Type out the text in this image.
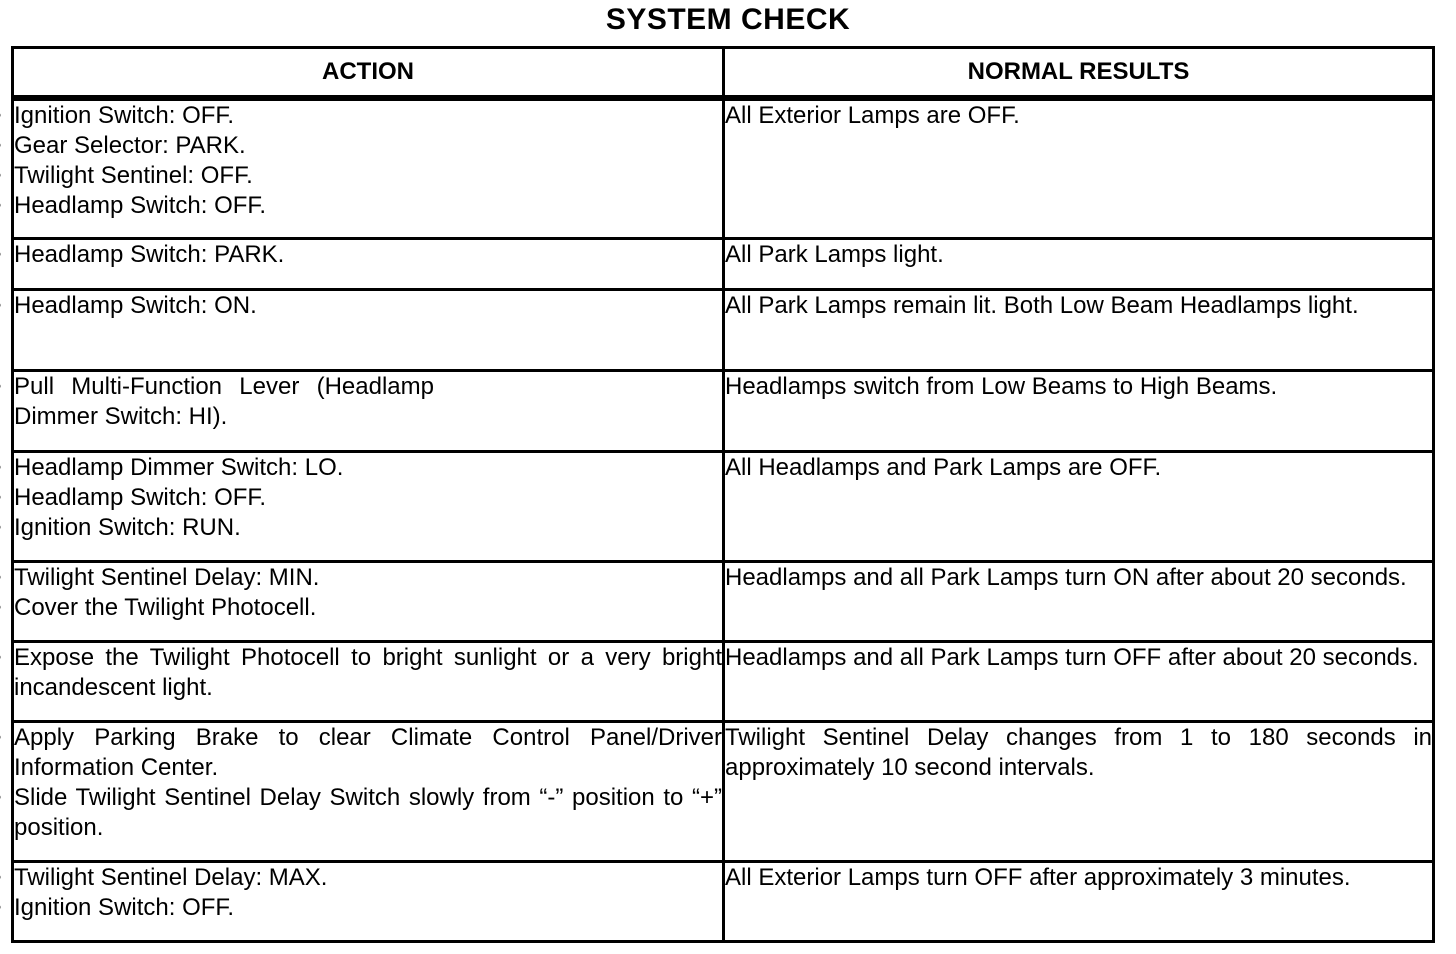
SYSTEM CHECK
ACTION	NORMAL RESULTS

• Ignition Switch: OFF.
• Gear Selector: PARK.
• Twilight Sentinel: OFF.
• Headlamp Switch: OFF.	All Exterior Lamps are OFF.

• Headlamp Switch: PARK.	All Park Lamps light.

• Headlamp Switch: ON.	All Park Lamps remain lit. Both Low Beam Headlamps light.

• Pull Multi-Function Lever (Headlamp Dimmer Switch: HI).	Headlamps switch from Low Beams to High Beams.

• Headlamp Dimmer Switch: LO.
• Headlamp Switch: OFF.
• Ignition Switch: RUN.	All Headlamps and Park Lamps are OFF.

• Twilight Sentinel Delay: MIN.
• Cover the Twilight Photocell.	Headlamps and all Park Lamps turn ON after about 20 seconds.

• Expose the Twilight Photocell to bright sunlight or a very bright incandescent light.	Headlamps and all Park Lamps turn OFF after about 20 seconds.

• Apply Parking Brake to clear Climate Control Panel/Driver Information Center.
• Slide Twilight Sentinel Delay Switch slowly from “-” position to “+” position.	Twilight Sentinel Delay changes from 1 to 180 seconds in approximately 10 second intervals.

• Twilight Sentinel Delay: MAX.
• Ignition Switch: OFF.	All Exterior Lamps turn OFF after approximately 3 minutes.
